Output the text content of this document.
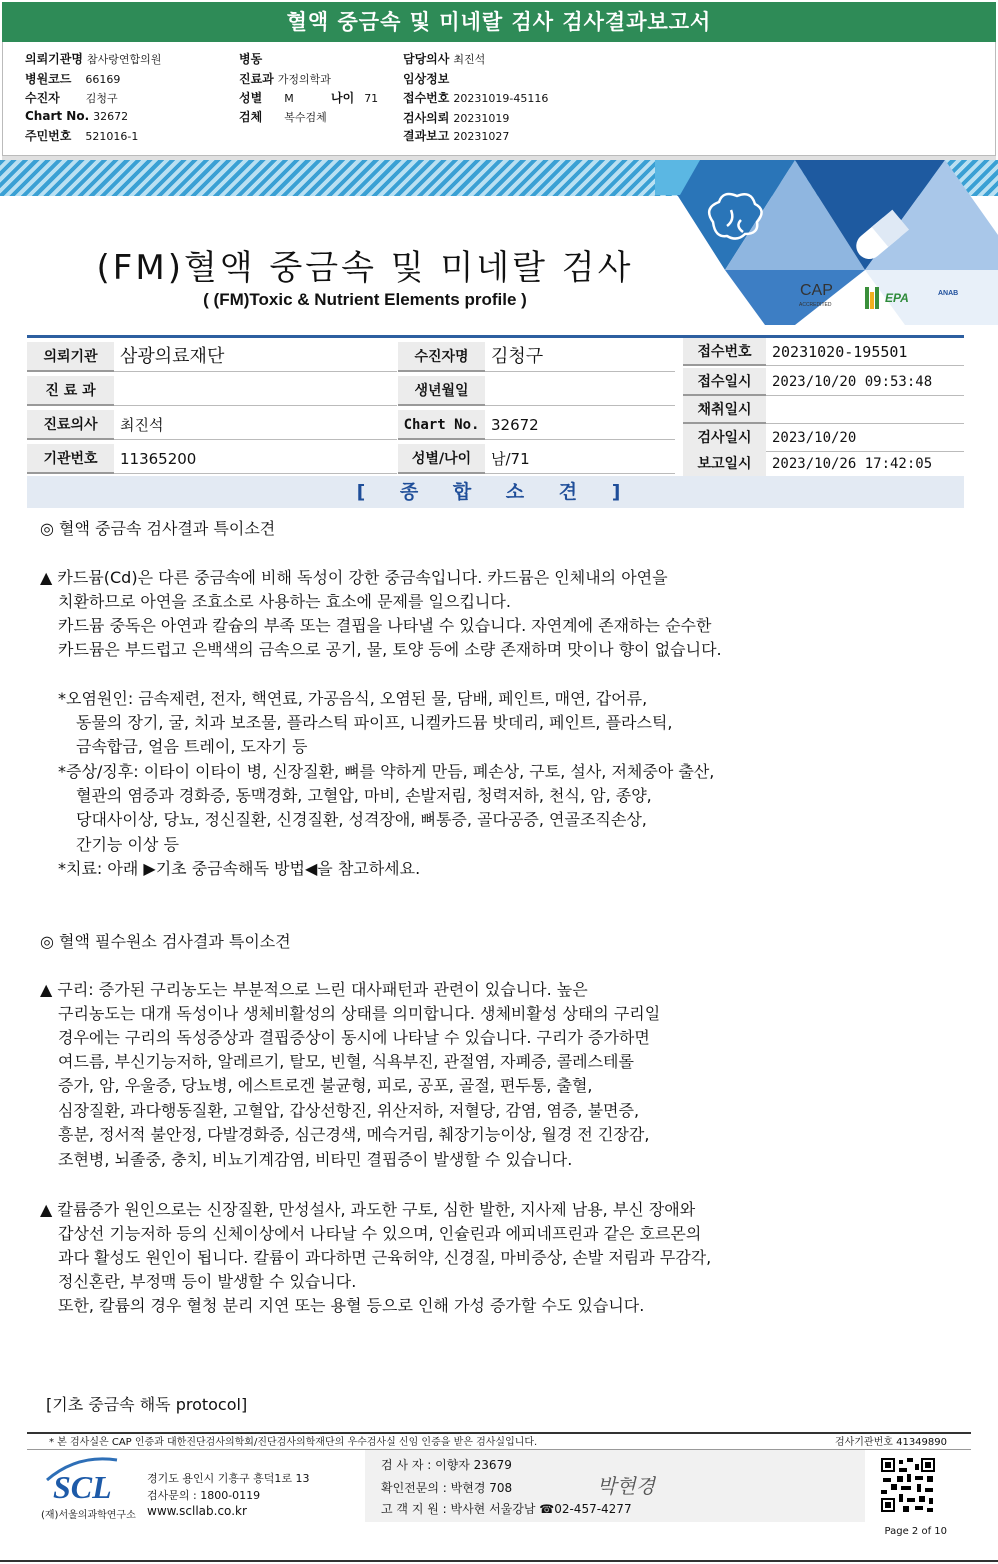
혈액 중금속 및 미네랄 검사 검사결과보고서
의뢰기관명 참사랑연합의원
병원코드 66169
수진자 김청구
Chart No. 32672
주민번호 521016-1
병동
진료과 가정의학과
성별 M	나이 71
검체 복수검체
담당의사 최진석
임상정보
접수번호 20231019-45116
검사의뢰 20231019
결과보고 20231027
CAP
ACCREDITED	EPA	ANAB
(FM)혈액 중금속 및 미네랄 검사
( (FM)Toxic & Nutrient Elements profile )
의뢰기관	삼광의료재단
진 료 과
진료의사	최진석
기관번호	11365200
수진자명	김청구
생년월일
Chart No. 32672
성별/나이	남/71
접수번호	20231020-195501
접수일시	2023/10/20 09:53:48
채취일시
검사일시	2023/10/20
보고일시	2023/10/26 17:42:05
[ 종 합 소 견 ]
◎ 혈액 중금속 검사결과 특이소견
▲ 카드뮴(Cd)은 다른 중금속에 비해 독성이 강한 중금속입니다. 카드뮴은 인체내의 아연을
치환하므로 아연을 조효소로 사용하는 효소에 문제를 일으킵니다.
카드뮴 중독은 아연과 칼슘의 부족 또는 결핍을 나타낼 수 있습니다. 자연계에 존재하는 순수한
카드뮴은 부드럽고 은백색의 금속으로 공기, 물, 토양 등에 소량 존재하며 맛이나 향이 없습니다.
*오염원인: 금속제련, 전자, 핵연료, 가공음식, 오염된 물, 담배, 페인트, 매연, 갑어류,
동물의 장기, 굴, 치과 보조물, 플라스틱 파이프, 니켈카드뮴 밧데리, 페인트, 플라스틱,
금속합금, 얼음 트레이, 도자기 등
*증상/징후: 이타이 이타이 병, 신장질환, 뼈를 약하게 만듬, 폐손상, 구토, 설사, 저체중아 출산,
혈관의 염증과 경화증, 동맥경화, 고혈압, 마비, 손발저림, 청력저하, 천식, 암, 종양,
당대사이상, 당뇨, 정신질환, 신경질환, 성격장애, 뼈통증, 골다공증, 연골조직손상,
간기능 이상 등
*치료: 아래 ▶기초 중금속해독 방법◀을 참고하세요.
◎ 혈액 필수원소 검사결과 특이소견
▲ 구리: 증가된 구리농도는 부분적으로 느린 대사패턴과 관련이 있습니다. 높은
구리농도는 대개 독성이나 생체비활성의 상태를 의미합니다. 생체비활성 상태의 구리일
경우에는 구리의 독성증상과 결핍증상이 동시에 나타날 수 있습니다. 구리가 증가하면
여드름, 부신기능저하, 알레르기, 탈모, 빈혈, 식욕부진, 관절염, 자폐증, 콜레스테롤
증가, 암, 우울증, 당뇨병, 에스트로겐 불균형, 피로, 공포, 골절, 편두통, 출혈,
심장질환, 과다행동질환, 고혈압, 갑상선항진, 위산저하, 저혈당, 감염, 염증, 불면증,
흥분, 정서적 불안정, 다발경화증, 심근경색, 메슥거림, 췌장기능이상, 월경 전 긴장감,
조현병, 뇌졸중, 충치, 비뇨기계감염, 비타민 결핍증이 발생할 수 있습니다.
▲ 칼륨증가 원인으로는 신장질환, 만성설사, 과도한 구토, 심한 발한, 지사제 남용, 부신 장애와
갑상선 기능저하 등의 신체이상에서 나타날 수 있으며, 인슐린과 에피네프린과 같은 호르몬의
과다 활성도 원인이 됩니다. 칼륨이 과다하면 근육허약, 신경질, 마비증상, 손발 저림과 무감각,
정신혼란, 부정맥 등이 발생할 수 있습니다.
또한, 칼륨의 경우 혈청 분리 지연 또는 용혈 등으로 인해 가성 증가할 수도 있습니다.
[기초 중금속 해독 protocol]
* 본 검사실은 CAP 인증과 대한진단검사의학회/진단검사의학재단의 우수검사실 신임 인증을 받은 검사실입니다.	검사기관번호 41349890
SCL
(재)서울의과학연구소
경기도 용인시 기흥구 흥덕1로 13
검사문의 : 1800-0119
www.scllab.co.kr
검 사 자 : 이향자 23679
확인전문의 : 박현경 708
고 객 지 원 : 박사현 서울강남 ☎02-457-4277
박현경
Page 2 of 10
